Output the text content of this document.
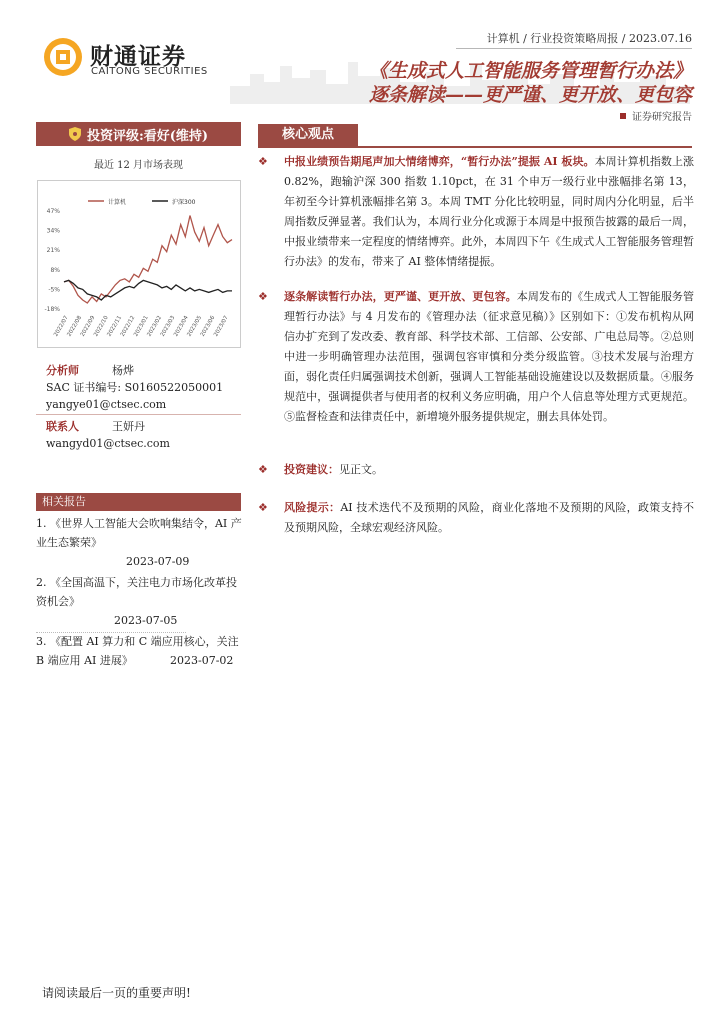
财通证券
CAITONG SECURITIES
计算机 / 行业投资策略周报 / 2023.07.16
《生成式人工智能服务管理暂行办法》
逐条解读——更严谨、更开放、更包容
证券研究报告
投资评级:看好(维持)
最近 12 月市场表现
计算机	沪深300
47%
34%
21%
8%
-5%
-18%
2022/07
2022/08
2022/09
2022/10
2022/11
2022/12
2023/01
2023/02
2023/03
2023/04
2023/05
2023/06
2023/07
分析师	杨烨
SAC 证书编号: S0160522050001
yangye01@ctsec.com
联系人	王妍丹
wangyd01@ctsec.com
相关报告
1. 《世界人工智能大会吹响集结令，AI 产业生态繁荣》
2023-07-09
2. 《全国高温下，关注电力市场化改革投资机会》
2023-07-05
3. 《配置 AI 算力和 C 端应用核心，关注 B 端应用 AI 进展》	2023-07-02
核心观点
❖ 中报业绩预告期尾声加大情绪博弈，“暂行办法”提振 AI 板块。本周计算机指数上涨 0.82%，跑输沪深 300 指数 1.10pct，在 31 个申万一级行业中涨幅排名第 13，年初至今计算机涨幅排名第 3。本周 TMT 分化比较明显，同时周内分化明显，后半周指数反弹显著。我们认为，本周行业分化或源于本周是中报预告披露的最后一周，中报业绩带来一定程度的情绪博弈。此外，本周四下午《生成式人工智能服务管理暂行办法》的发布，带来了 AI 整体情绪提振。
❖ 逐条解读暂行办法，更严谨、更开放、更包容。本周发布的《生成式人工智能服务管理暂行办法》与 4 月发布的《管理办法（征求意见稿）》区别如下：①发布机构从网信办扩充到了发改委、教育部、科学技术部、工信部、公安部、广电总局等。②总则中进一步明确管理办法范围，强调包容审慎和分类分级监管。③技术发展与治理方面，弱化责任归属强调技术创新，强调人工智能基础设施建设以及数据质量。④服务规范中，强调提供者与使用者的权利义务应明确，用户个人信息等处理方式更规范。⑤监督检查和法律责任中，新增境外服务提供规定，删去具体处罚。
❖ 投资建议：见正文。
❖ 风险提示：AI 技术迭代不及预期的风险，商业化落地不及预期的风险，政策支持不及预期风险，全球宏观经济风险。
请阅读最后一页的重要声明!
